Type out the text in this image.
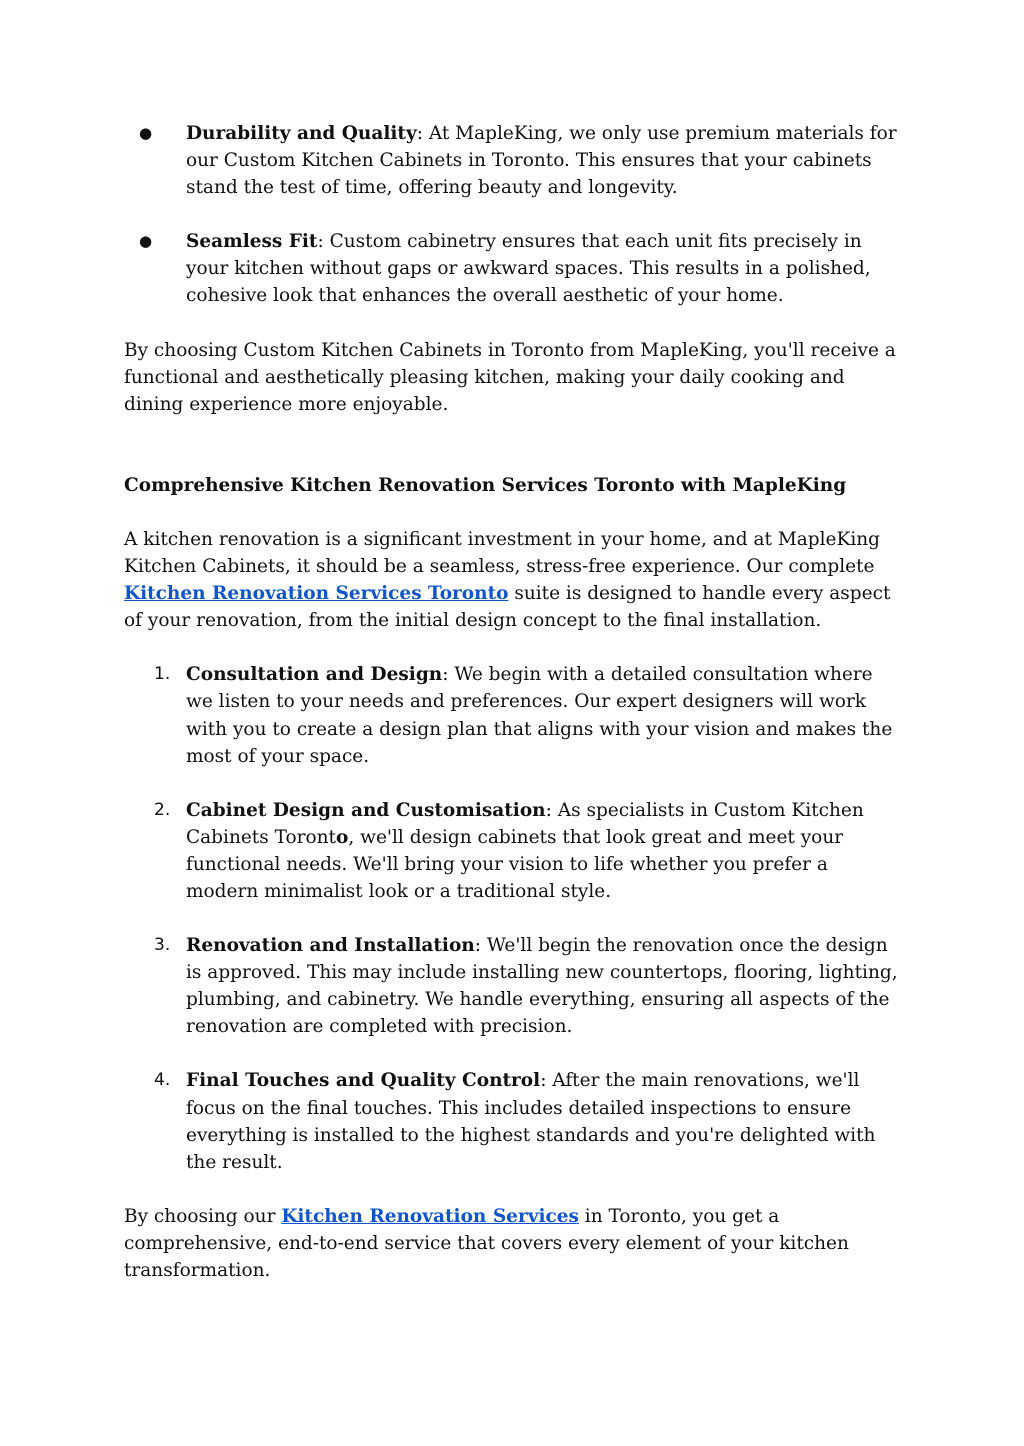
● Durability and Quality: At MapleKing, we only use premium materials for our Custom Kitchen Cabinets in Toronto. This ensures that your cabinets stand the test of time, offering beauty and longevity.
● Seamless Fit: Custom cabinetry ensures that each unit fits precisely in your kitchen without gaps or awkward spaces. This results in a polished, cohesive look that enhances the overall aesthetic of your home.

By choosing Custom Kitchen Cabinets in Toronto from MapleKing, you'll receive a functional and aesthetically pleasing kitchen, making your daily cooking and dining experience more enjoyable.

Comprehensive Kitchen Renovation Services Toronto with MapleKing

A kitchen renovation is a significant investment in your home, and at MapleKing Kitchen Cabinets, it should be a seamless, stress-free experience. Our complete Kitchen Renovation Services Toronto suite is designed to handle every aspect of your renovation, from the initial design concept to the final installation.

1. Consultation and Design: We begin with a detailed consultation where we listen to your needs and preferences. Our expert designers will work with you to create a design plan that aligns with your vision and makes the most of your space.
2. Cabinet Design and Customisation: As specialists in Custom Kitchen Cabinets Toronto, we'll design cabinets that look great and meet your functional needs. We'll bring your vision to life whether you prefer a modern minimalist look or a traditional style.
3. Renovation and Installation: We'll begin the renovation once the design is approved. This may include installing new countertops, flooring, lighting, plumbing, and cabinetry. We handle everything, ensuring all aspects of the renovation are completed with precision.
4. Final Touches and Quality Control: After the main renovations, we'll focus on the final touches. This includes detailed inspections to ensure everything is installed to the highest standards and you're delighted with the result.

By choosing our Kitchen Renovation Services in Toronto, you get a comprehensive, end-to-end service that covers every element of your kitchen transformation.
